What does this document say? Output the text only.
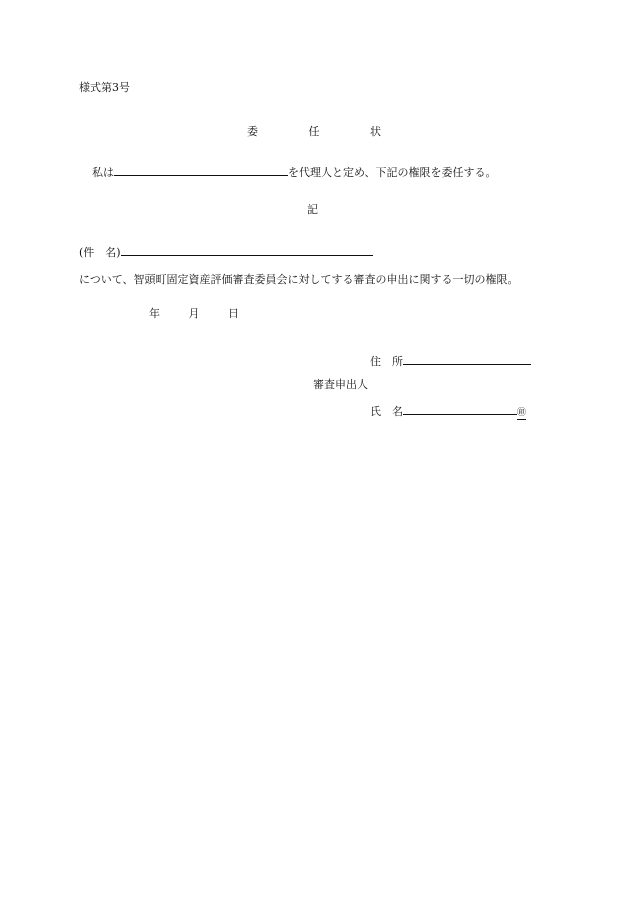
様式第3号
委	任	状
私は	を代理人と定め、下記の権限を委任する。
記
(件　名)
について、智頭町固定資産評価審査委員会に対してする審査の申出に関する一切の権限。
年	月	日
住　所
審査申出人
氏　名	㊞
